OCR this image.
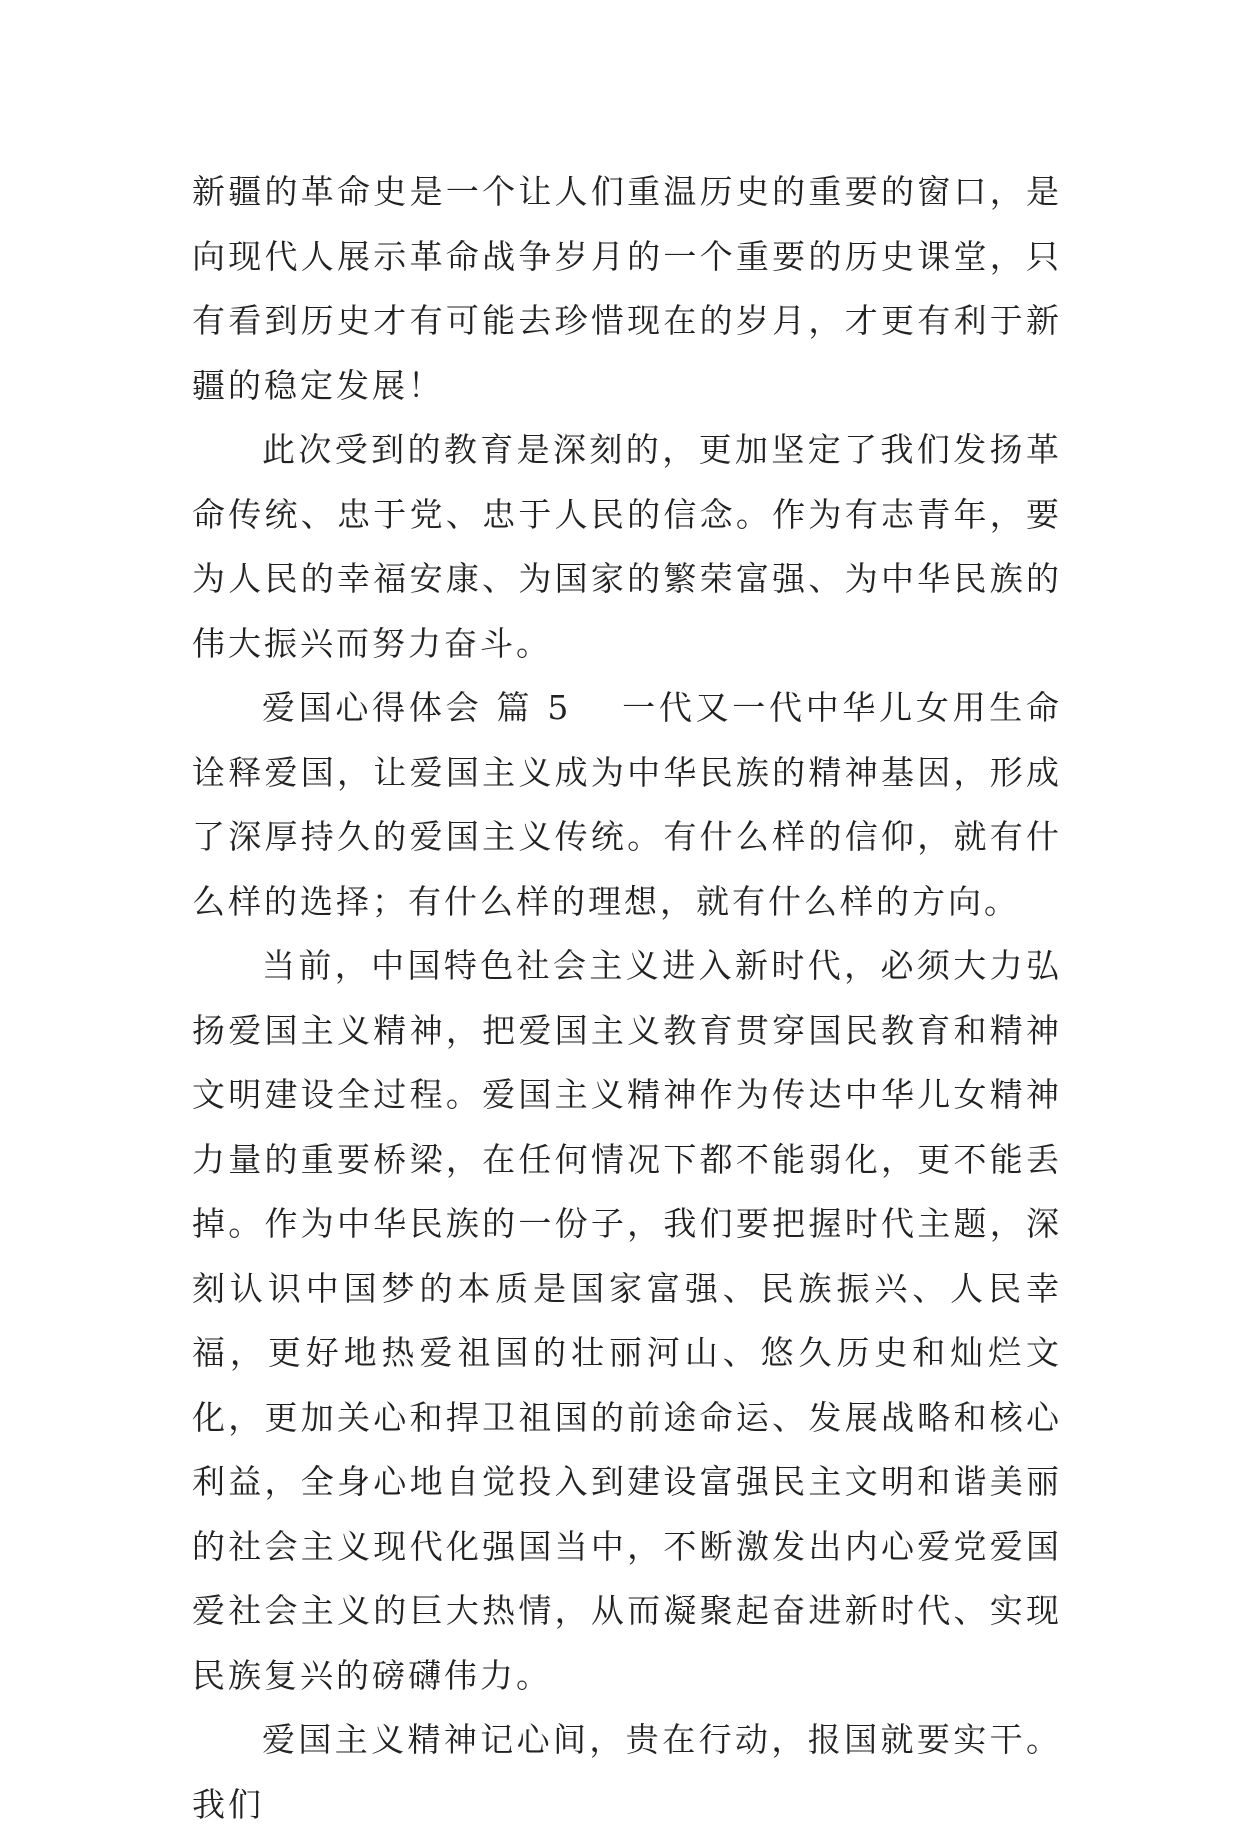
新疆的革命史是一个让人们重温历史的重要的窗口，是向现代人展示革命战争岁月的一个重要的历史课堂，只有看到历史才有可能去珍惜现在的岁月，才更有利于新疆的稳定发展！

此次受到的教育是深刻的，更加坚定了我们发扬革命传统、忠于党、忠于人民的信念。作为有志青年，要为人民的幸福安康、为国家的繁荣富强、为中华民族的伟大振兴而努力奋斗。

爱国心得体会 篇 5 一代又一代中华儿女用生命诠释爱国，让爱国主义成为中华民族的精神基因，形成了深厚持久的爱国主义传统。有什么样的信仰，就有什么样的选择；有什么样的理想，就有什么样的方向。

当前，中国特色社会主义进入新时代，必须大力弘扬爱国主义精神，把爱国主义教育贯穿国民教育和精神文明建设全过程。爱国主义精神作为传达中华儿女精神力量的重要桥梁，在任何情况下都不能弱化，更不能丢掉。作为中华民族的一份子，我们要把握时代主题，深刻认识中国梦的本质是国家富强、民族振兴、人民幸福，更好地热爱祖国的壮丽河山、悠久历史和灿烂文化，更加关心和捍卫祖国的前途命运、发展战略和核心利益，全身心地自觉投入到建设富强民主文明和谐美丽的社会主义现代化强国当中，不断激发出内心爱党爱国爱社会主义的巨大热情，从而凝聚起奋进新时代、实现民族复兴的磅礴伟力。

爱国主义精神记心间，贵在行动，报国就要实干。我们
